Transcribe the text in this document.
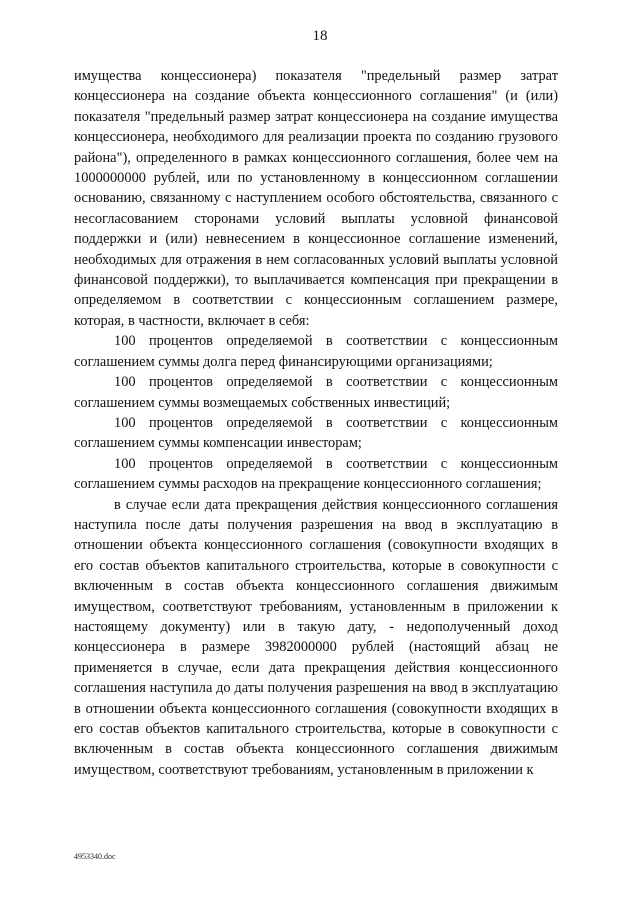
18

имущества концессионера) показателя "предельный размер затрат концессионера на создание объекта концессионного соглашения" (и (или) показателя "предельный размер затрат концессионера на создание имущества концессионера, необходимого для реализации проекта по созданию грузового района"), определенного в рамках концессионного соглашения, более чем на 1000000000 рублей, или по установленному в концессионном соглашении основанию, связанному с наступлением особого обстоятельства, связанного с несогласованием сторонами условий выплаты условной финансовой поддержки и (или) невнесением в концессионное соглашение изменений, необходимых для отражения в нем согласованных условий выплаты условной финансовой поддержки), то выплачивается компенсация при прекращении в определяемом в соответствии с концессионным соглашением размере, которая, в частности, включает в себя:

100 процентов определяемой в соответствии с концессионным соглашением суммы долга перед финансирующими организациями;

100 процентов определяемой в соответствии с концессионным соглашением суммы возмещаемых собственных инвестиций;

100 процентов определяемой в соответствии с концессионным соглашением суммы компенсации инвесторам;

100 процентов определяемой в соответствии с концессионным соглашением суммы расходов на прекращение концессионного соглашения;

в случае если дата прекращения действия концессионного соглашения наступила после даты получения разрешения на ввод в эксплуатацию в отношении объекта концессионного соглашения (совокупности входящих в его состав объектов капитального строительства, которые в совокупности с включенным в состав объекта концессионного соглашения движимым имуществом, соответствуют требованиям, установленным в приложении к настоящему документу) или в такую дату, - недополученный доход концессионера в размере 3982000000 рублей (настоящий абзац не применяется в случае, если дата прекращения действия концессионного соглашения наступила до даты получения разрешения на ввод в эксплуатацию в отношении объекта концессионного соглашения (совокупности входящих в его состав объектов капитального строительства, которые в совокупности с включенным в состав объекта концессионного соглашения движимым имуществом, соответствуют требованиям, установленным в приложении к

4953340.doc
